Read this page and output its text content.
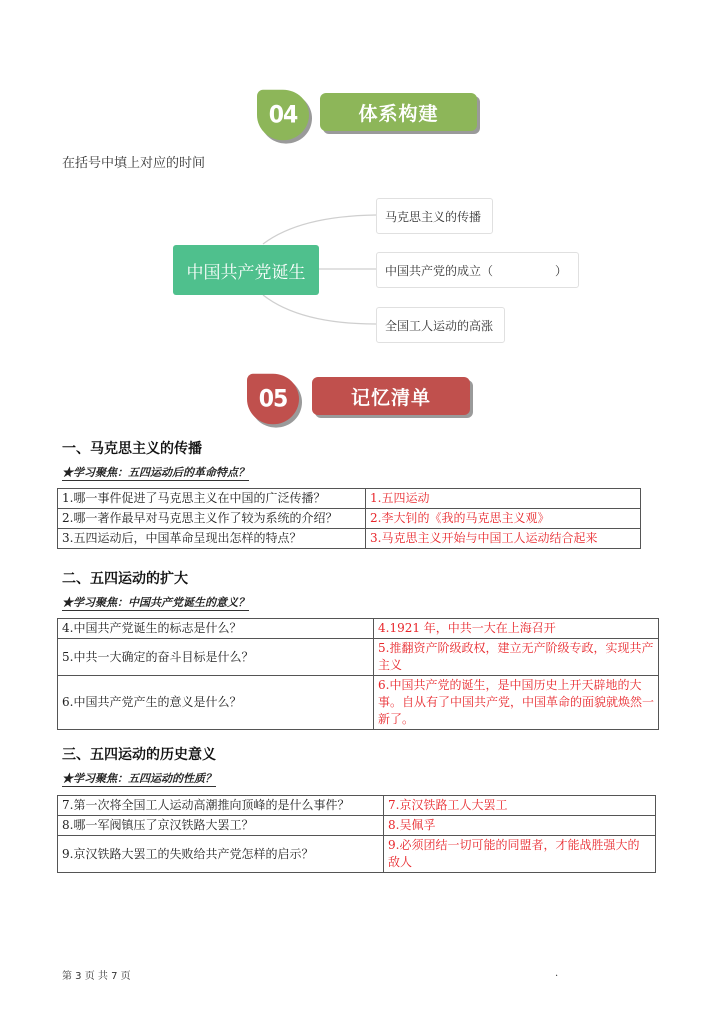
04	体系构建
在括号中填上对应的时间
中国共产党诞生
马克思主义的传播
中国共产党的成立（	）
全国工人运动的高涨
05	记忆清单
一、马克思主义的传播
★学习聚焦：五四运动后的革命特点？
1.哪一事件促进了马克思主义在中国的广泛传播？	1.五四运动
2.哪一著作最早对马克思主义作了较为系统的介绍？	2.李大钊的《我的马克思主义观》
3.五四运动后，中国革命呈现出怎样的特点？	3.马克思主义开始与中国工人运动结合起来
二、五四运动的扩大
★学习聚焦：中国共产党诞生的意义？
4.中国共产党诞生的标志是什么？	4.1921 年，中共一大在上海召开
5.中共一大确定的奋斗目标是什么？	5.推翻资产阶级政权，建立无产阶级专政，实现共产主义
6.中国共产党产生的意义是什么？	6.中国共产党的诞生，是中国历史上开天辟地的大事。自从有了中国共产党，中国革命的面貌就焕然一新了。
三、五四运动的历史意义
★学习聚焦：五四运动的性质？
7.第一次将全国工人运动高潮推向顶峰的是什么事件？	7.京汉铁路工人大罢工
8.哪一军阀镇压了京汉铁路大罢工？	8.吴佩孚
9.京汉铁路大罢工的失败给共产党怎样的启示？	9.必须团结一切可能的同盟者，才能战胜强大的敌人
第 3 页 共 7 页	.
